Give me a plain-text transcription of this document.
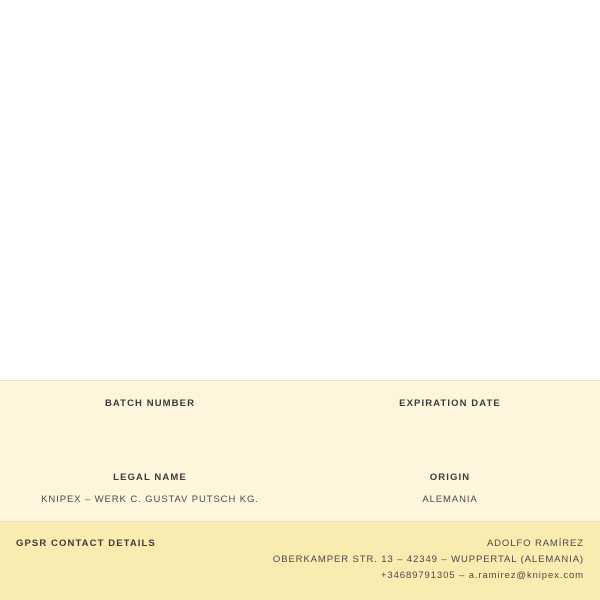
BATCH NUMBER	EXPIRATION DATE
LEGAL NAME
KNIPEX – WERK C. GUSTAV PUTSCH KG.
ORIGIN
ALEMANIA
GPSR CONTACT DETAILS	ADOLFO RAMÍREZ
OBERKAMPER STR. 13 – 42349 – WUPPERTAL (ALEMANIA)
+34689791305 – a.ramirez@knipex.com
